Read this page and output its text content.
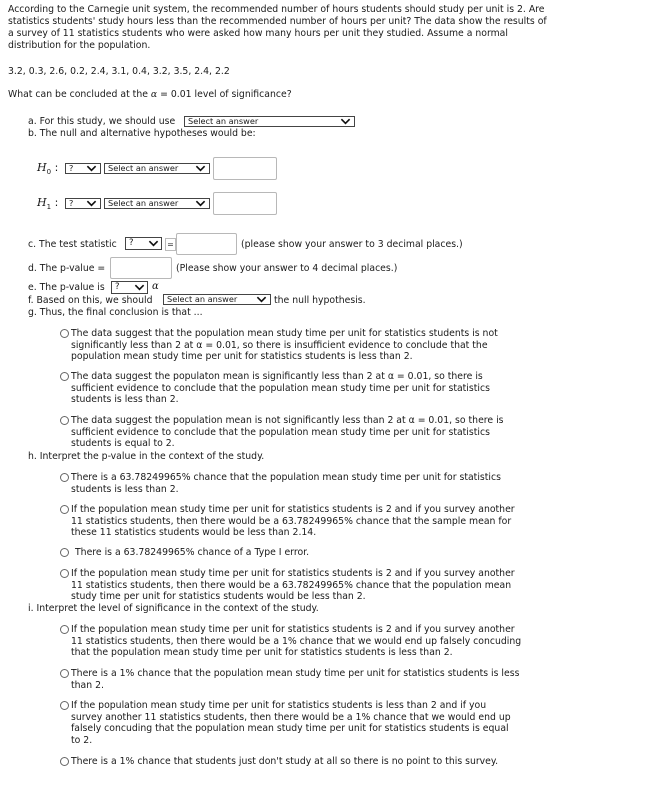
According to the Carnegie unit system, the recommended number of hours students should study per unit is 2. Are statistics students' study hours less than the recommended number of hours per unit? The data show the results of a survey of 11 statistics students who were asked how many hours per unit they studied. Assume a normal distribution for the population.
3.2, 0.3, 2.6, 0.2, 2.4, 3.1, 0.4, 3.2, 3.5, 2.4, 2.2
What can be concluded at the α = 0.01 level of significance?
a. For this study, we should use Select an answer
b. The null and alternative hypotheses would be:
$H_0$ : ?	Select an answer
$H_1$ : ?	Select an answer
c. The test statistic	?	=	(please show your answer to 3 decimal places.)
d. The p-value =	(Please show your answer to 4 decimal places.)
e. The p-value is	?	α
f. Based on this, we should Select an answer	the null hypothesis.
g. Thus, the final conclusion is that ...
The data suggest that the population mean study time per unit for statistics students is not
significantly less than 2 at α = 0.01, so there is insufficient evidence to conclude that the
population mean study time per unit for statistics students is less than 2.
The data suggest the populaton mean is significantly less than 2 at α = 0.01, so there is
sufficient evidence to conclude that the population mean study time per unit for statistics
students is less than 2.
The data suggest the population mean is not significantly less than 2 at α = 0.01, so there is
sufficient evidence to conclude that the population mean study time per unit for statistics
students is equal to 2.
h. Interpret the p-value in the context of the study.
There is a 63.78249965% chance that the population mean study time per unit for statistics
students is less than 2.
If the population mean study time per unit for statistics students is 2 and if you survey another
11 statistics students, then there would be a 63.78249965% chance that the sample mean for
these 11 statistics students would be less than 2.14.
There is a 63.78249965% chance of a Type I error.
If the population mean study time per unit for statistics students is 2 and if you survey another
11 statistics students, then there would be a 63.78249965% chance that the population mean
study time per unit for statistics students would be less than 2.
i. Interpret the level of significance in the context of the study.
If the population mean study time per unit for statistics students is 2 and if you survey another
11 statistics students, then there would be a 1% chance that we would end up falsely concuding
that the population mean study time per unit for statistics students is less than 2.
There is a 1% chance that the population mean study time per unit for statistics students is less
than 2.
If the population mean study time per unit for statistics students is less than 2 and if you
survey another 11 statistics students, then there would be a 1% chance that we would end up
falsely concuding that the population mean study time per unit for statistics students is equal
to 2.
There is a 1% chance that students just don't study at all so there is no point to this survey.
